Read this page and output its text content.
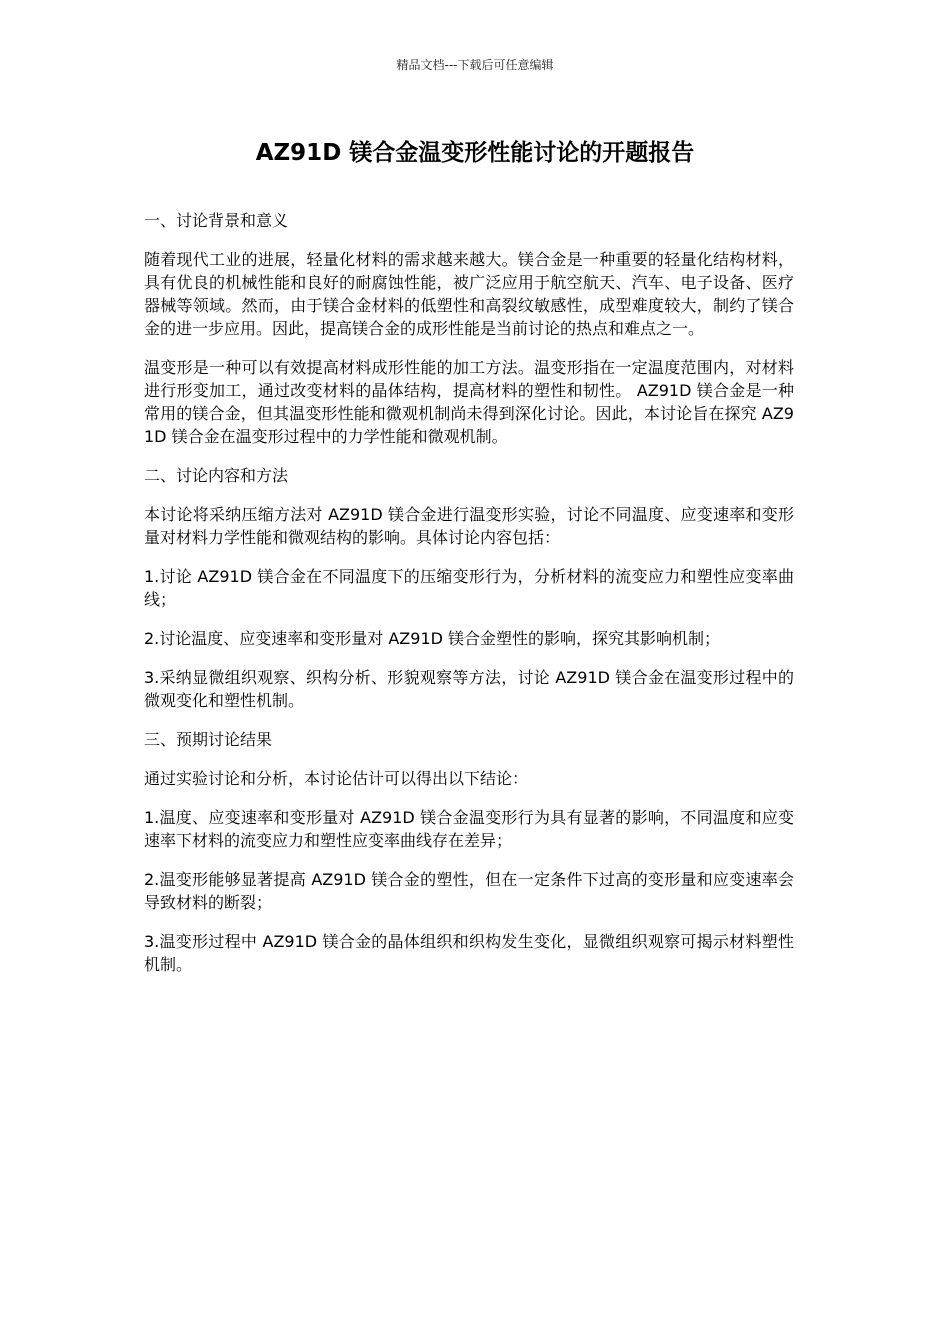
精品文档---下载后可任意编辑
AZ91D 镁合金温变形性能讨论的开题报告

一、讨论背景和意义

随着现代工业的进展，轻量化材料的需求越来越大。镁合金是一种重要的轻量化结构材料，具有优良的机械性能和良好的耐腐蚀性能，被广泛应用于航空航天、汽车、电子设备、医疗器械等领域。然而，由于镁合金材料的低塑性和高裂纹敏感性，成型难度较大，制约了镁合金的进一步应用。因此，提高镁合金的成形性能是当前讨论的热点和难点之一。

温变形是一种可以有效提高材料成形性能的加工方法。温变形指在一定温度范围内，对材料进行形变加工，通过改变材料的晶体结构，提高材料的塑性和韧性。 AZ91D 镁合金是一种常用的镁合金，但其温变形性能和微观机制尚未得到深化讨论。因此，本讨论旨在探究 AZ91D 镁合金在温变形过程中的力学性能和微观机制。

二、讨论内容和方法

本讨论将采纳压缩方法对 AZ91D 镁合金进行温变形实验，讨论不同温度、应变速率和变形量对材料力学性能和微观结构的影响。具体讨论内容包括：

1.讨论 AZ91D 镁合金在不同温度下的压缩变形行为，分析材料的流变应力和塑性应变率曲线；

2.讨论温度、应变速率和变形量对 AZ91D 镁合金塑性的影响，探究其影响机制；

3.采纳显微组织观察、织构分析、形貌观察等方法，讨论 AZ91D 镁合金在温变形过程中的微观变化和塑性机制。

三、预期讨论结果

通过实验讨论和分析，本讨论估计可以得出以下结论：

1.温度、应变速率和变形量对 AZ91D 镁合金温变形行为具有显著的影响，不同温度和应变速率下材料的流变应力和塑性应变率曲线存在差异；

2.温变形能够显著提高 AZ91D 镁合金的塑性，但在一定条件下过高的变形量和应变速率会导致材料的断裂；

3.温变形过程中 AZ91D 镁合金的晶体组织和织构发生变化，显微组织观察可揭示材料塑性机制。
